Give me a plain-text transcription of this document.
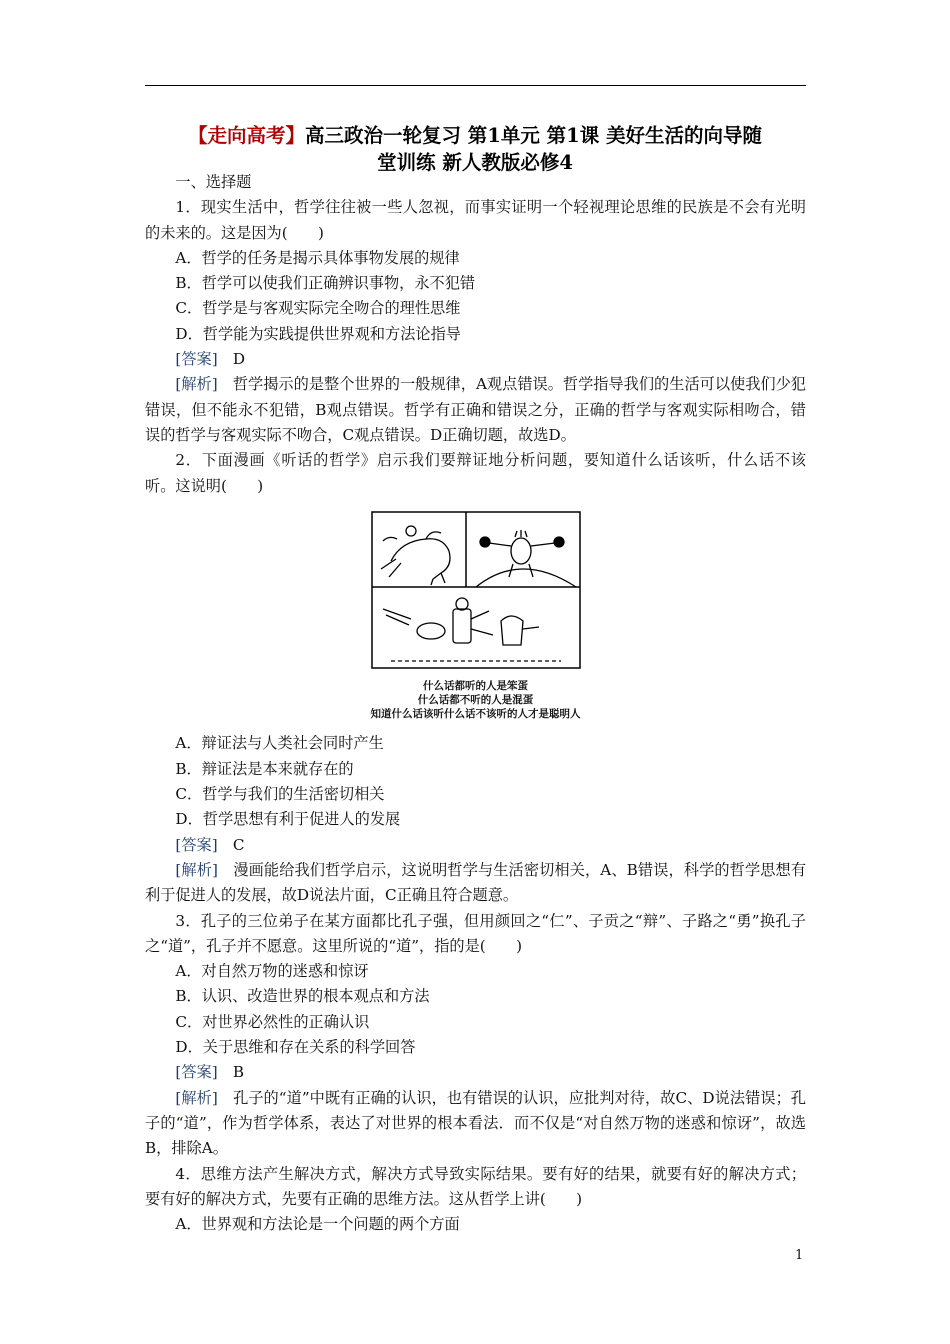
【走向高考】高三政治一轮复习 第1单元 第1课 美好生活的向导随
堂训练 新人教版必修4

一、选择题

1．现实生活中，哲学往往被一些人忽视，而事实证明一个轻视理论思维的民族是不会有光明的未来的。这是因为(　　)

A．哲学的任务是揭示具体事物发展的规律

B．哲学可以使我们正确辨识事物，永不犯错

C．哲学是与客观实际完全吻合的理性思维

D．哲学能为实践提供世界观和方法论指导

[答案]　 D

[解析]　 哲学揭示的是整个世界的一般规律，A观点错误。哲学指导我们的生活可以使我们少犯错误，但不能永不犯错，B观点错误。哲学有正确和错误之分，正确的哲学与客观实际相吻合，错误的哲学与客观实际不吻合，C观点错误。D正确切题，故选D。

2．下面漫画《听话的哲学》启示我们要辩证地分析问题，要知道什么话该听，什么话不该听。这说明(　　)

什么话都听的人是笨蛋
什么话都不听的人是混蛋
知道什么话该听什么话不该听的人才是聪明人

A．辩证法与人类社会同时产生

B．辩证法是本来就存在的

C．哲学与我们的生活密切相关

D．哲学思想有利于促进人的发展

[答案]　 C

[解析]　 漫画能给我们哲学启示，这说明哲学与生活密切相关，A、B错误，科学的哲学思想有利于促进人的发展，故D说法片面，C正确且符合题意。

3．孔子的三位弟子在某方面都比孔子强，但用颜回之“仁”、子贡之“辩”、子路之“勇”换孔子之“道”，孔子并不愿意。这里所说的“道”，指的是(　　)

A．对自然万物的迷惑和惊讶

B．认识、改造世界的根本观点和方法

C．对世界必然性的正确认识

D．关于思维和存在关系的科学回答

[答案]　 B

[解析]　 孔子的“道”中既有正确的认识，也有错误的认识，应批判对待，故C、D说法错误；孔子的“道”，作为哲学体系，表达了对世界的根本看法．而不仅是“对自然万物的迷惑和惊讶”，故选B，排除A。

4．思维方法产生解决方式，解决方式导致实际结果。要有好的结果，就要有好的解决方式；要有好的解决方式，先要有正确的思维方法。这从哲学上讲(　　)

A．世界观和方法论是一个问题的两个方面

1
